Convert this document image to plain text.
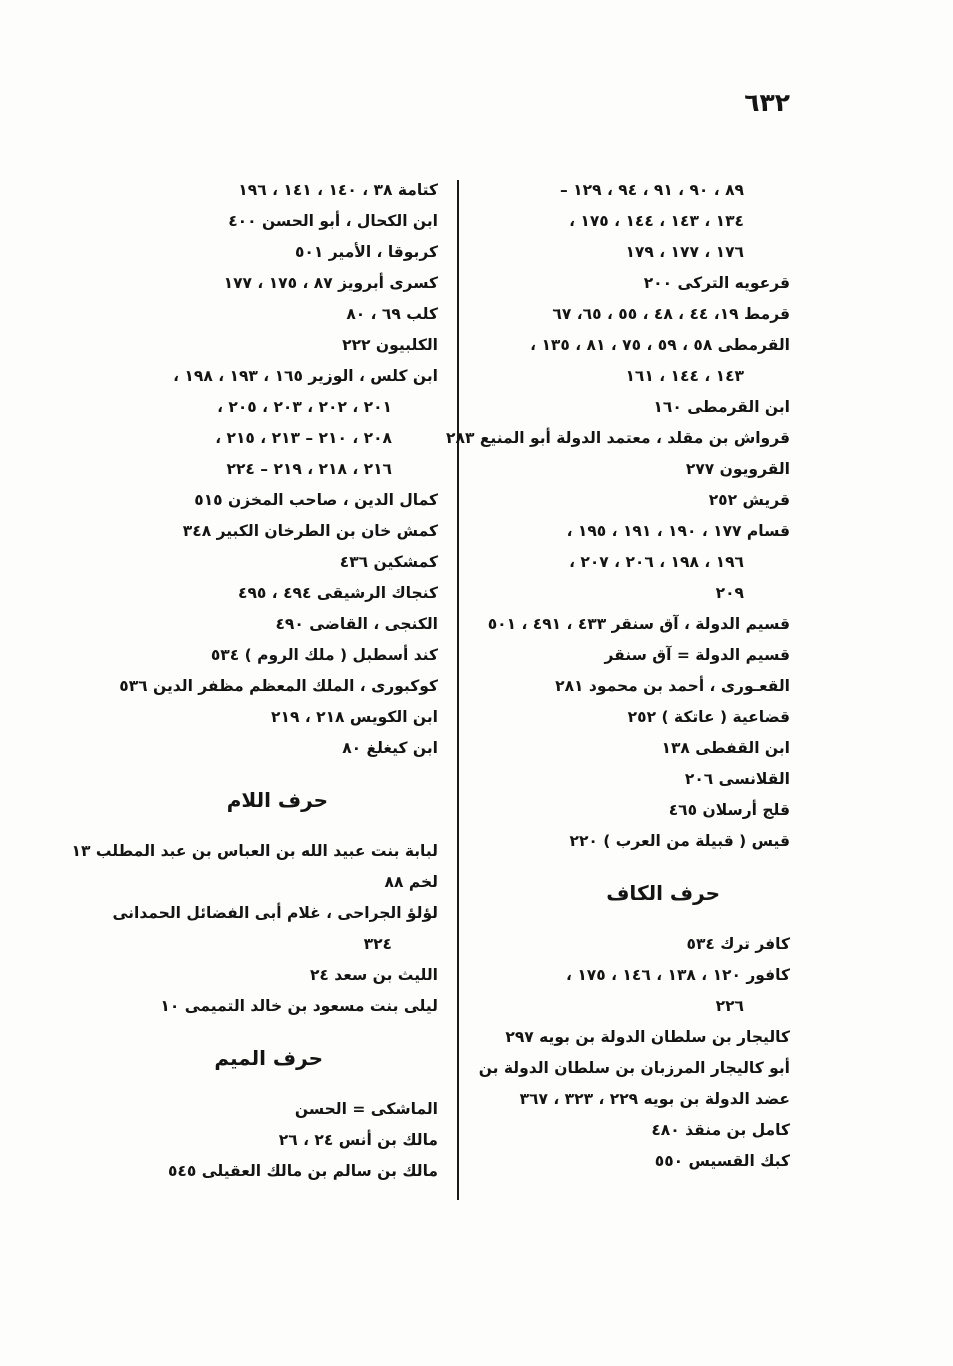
٦٣٢
٨٩ ، ٩٠ ، ٩١ ، ٩٤ ، ١٢٩ –
١٣٤ ، ١٤٣ ، ١٤٤ ، ١٧٥ ،
١٧٦ ، ١٧٧ ، ١٧٩
قرعويه التركى ٢٠٠
قرمط ١٩، ٤٤ ، ٤٨ ، ٥٥ ، ٦٥، ٦٧
القرمطى ٥٨ ، ٥٩ ، ٧٥ ، ٨١ ، ١٣٥ ،
١٤٣ ، ١٤٤ ، ١٦١
ابن القرمطى ١٦٠
قرواش بن مقلد ، معتمد الدولة أبو المنيع ٢٨٣
القرويون ٢٧٧
قريش ٢٥٢
قسام ١٧٧ ، ١٩٠ ، ١٩١ ، ١٩٥ ،
١٩٦ ، ١٩٨ ، ٢٠٦ ، ٢٠٧ ،
٢٠٩
قسيم الدولة ، آق سنقر ٤٣٣ ، ٤٩١ ، ٥٠١
قسيم الدولة = آق سنقر
القعـورى ، أحمد بن محمود ٢٨١
قضاعية ( عاتكة ) ٢٥٢
ابن القفطى ١٣٨
القلانسى ٢٠٦
قلج أرسلان ٤٦٥
قيس ( قبيلة من العرب ) ٢٢٠
حرف الكاف
كافر ترك ٥٣٤
كافور ١٢٠ ، ١٣٨ ، ١٤٦ ، ١٧٥ ،
٢٢٦
كاليجار بن سلطان الدولة بن بويه ٢٩٧
أبو كاليجار المرزبان بن سلطان الدولة بن
عضد الدولة بن بويه ٢٢٩ ، ٣٢٣ ، ٣٦٧
كامل بن منقذ ٤٨٠
كبك القسيس ٥٥٠
كتامة ٣٨ ، ١٤٠ ، ١٤١ ، ١٩٦
ابن الكحال ، أبو الحسن ٤٠٠
كربوقا ، الأمير ٥٠١
كسرى أبرويز ٨٧ ، ١٧٥ ، ١٧٧
كلب ٦٩ ، ٨٠
الكلبيون ٢٢٢
ابن كلس ، الوزير ١٦٥ ، ١٩٣ ، ١٩٨ ،
٢٠١ ، ٢٠٢ ، ٢٠٣ ، ٢٠٥ ،
٢٠٨ ، ٢١٠ – ٢١٣ ، ٢١٥ ،
٢١٦ ، ٢١٨ ، ٢١٩ – ٢٢٤
كمال الدين ، صاحب المخزن ٥١٥
كمش خان بن الطرخان الكبير ٣٤٨
كمشكين ٤٣٦
كنجاك الرشيقى ٤٩٤ ، ٤٩٥
الكنجى ، القاضى ٤٩٠
كند أسطبل ( ملك الروم ) ٥٣٤
كوكبورى ، الملك المعظم مظفر الدين ٥٣٦
ابن الكويس ٢١٨ ، ٢١٩
ابن كيغلغ ٨٠
حرف اللام
لبابة بنت عبيد الله بن العباس بن عبد المطلب ١٣
لخم ٨٨
لؤلؤ الجراحى ، غلام أبى الفضائل الحمدانى
٣٢٤
الليث بن سعد ٢٤
ليلى بنت مسعود بن خالد التميمى ١٠
حرف الميم
الماشكى = الحسن
مالك بن أنس ٢٤ ، ٢٦
مالك بن سالم بن مالك العقيلى ٥٤٥
